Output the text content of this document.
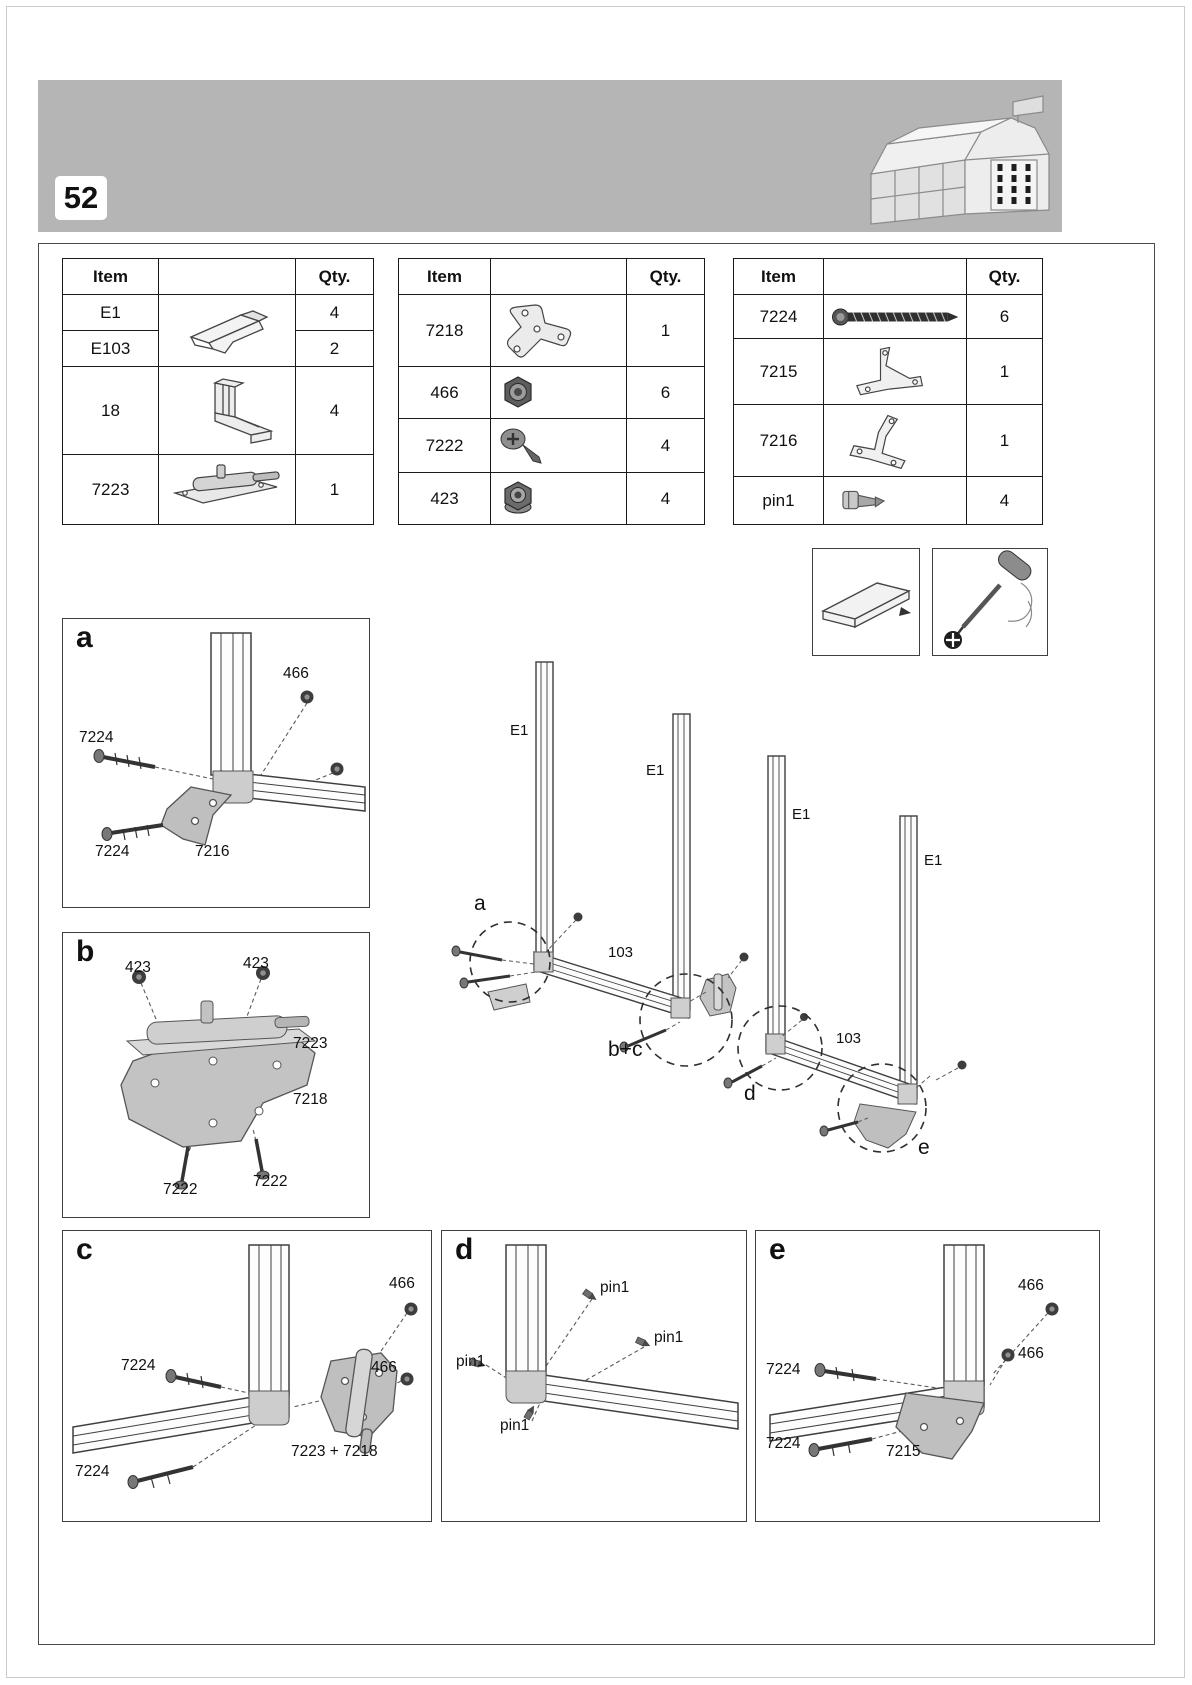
52
Item		Qty.
E1		4
E103		2
18		4
7223		1
Item		Qty.
7218		1
466		6
7222		4
423		4
Item		Qty.
7224		6
7215		1
7216		1
pin1		4
a
466
7224
7224	7216
b 423	423
7223
7218
7222	7222
E1
E1
E1
E1
103
103
a
b+c
d
e
c
466
7224	466
7224
7223 + 7218
d
pin1
pin1
pin1
pin1
e
466
466
7224
7224	7215
